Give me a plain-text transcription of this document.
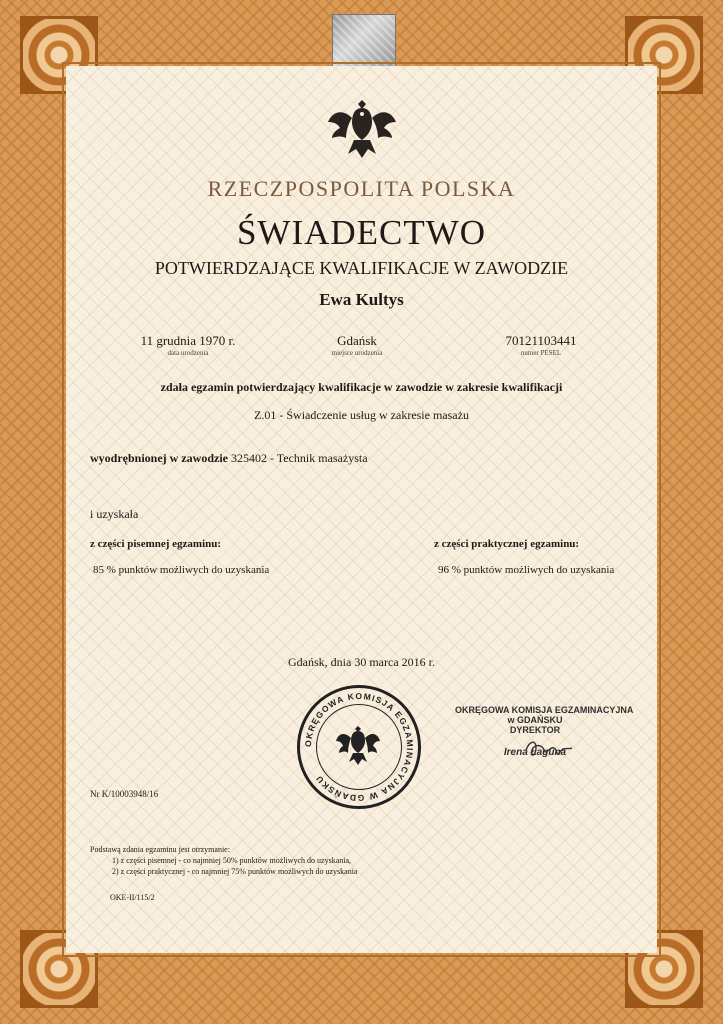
RZECZPOSPOLITA POLSKA
ŚWIADECTWO
POTWIERDZAJĄCE KWALIFIKACJE W ZAWODZIE
Ewa Kultys
11 grudnia 1970 r.
data urodzenia
Gdańsk
miejsce urodzenia
70121103441
numer PESEL
zdała egzamin potwierdzający kwalifikacje w zawodzie w zakresie kwalifikacji
Z.01 - Świadczenie usług w zakresie masażu
wyodrębnionej w zawodzie 325402 - Technik masażysta
i uzyskała
z części pisemnej egzaminu:
85 % punktów możliwych do uzyskania
z części praktycznej egzaminu:
96 % punktów możliwych do uzyskania
Gdańsk, dnia 30 marca 2016 r.
OKRĘGOWA KOMISJA EGZAMINACYJNA W GDAŃSKU
OKRĘGOWA KOMISJA EGZAMINACYJNA
w GDAŃSKU
DYREKTOR
Irena Łaguna
Nr K/10003948/16
Podstawą zdania egzaminu jest otrzymanie:
1) z części pisemnej - co najmniej 50% punktów możliwych do uzyskania,
2) z części praktycznej - co najmniej 75% punktów możliwych do uzyskania
OKE-II/115/2
